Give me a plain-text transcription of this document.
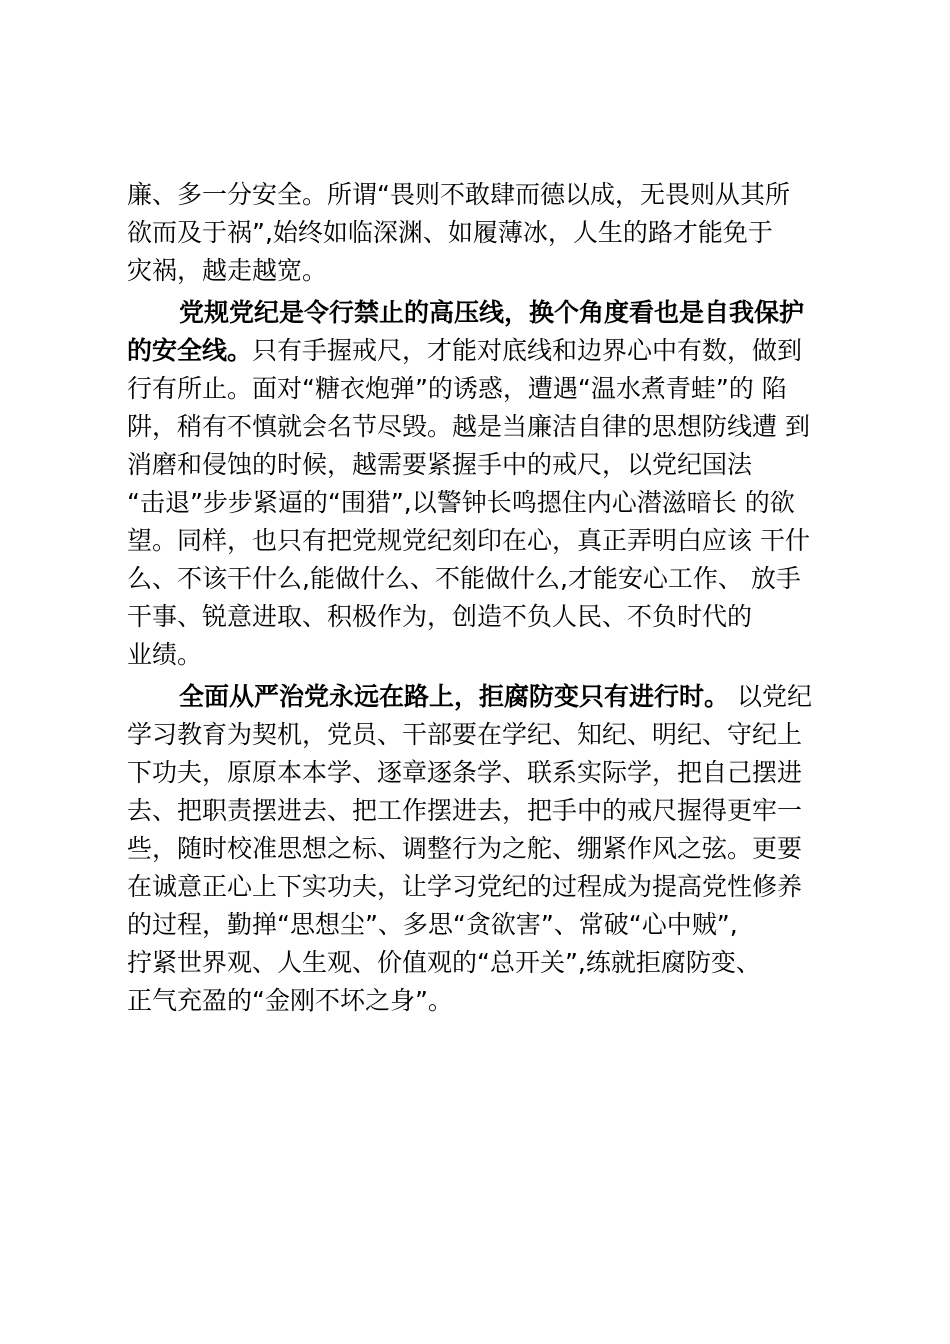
廉、多一分安全。所谓“畏则不敢肆而德以成，无畏则从其所
欲而及于祸”,始终如临深渊、如履薄冰，人生的路才能免于
灾祸，越走越宽。
党规党纪是令行禁止的高压线，换个角度看也是自我保护
的安全线。只有手握戒尺，才能对底线和边界心中有数，做到
行有所止。面对“糖衣炮弹”的诱惑，遭遇“温水煮青蛙”的 陷
阱，稍有不慎就会名节尽毁。越是当廉洁自律的思想防线遭 到
消磨和侵蚀的时候，越需要紧握手中的戒尺，以党纪国法
“击退”步步紧逼的“围猎”,以警钟长鸣摁住内心潜滋暗长 的欲
望。同样，也只有把党规党纪刻印在心，真正弄明白应该 干什
么、不该干什么,能做什么、不能做什么,才能安心工作、 放手
干事、锐意进取、积极作为，创造不负人民、不负时代的
业绩。
全面从严治党永远在路上，拒腐防变只有进行时。 以党纪
学习教育为契机，党员、干部要在学纪、知纪、明纪、守纪上
下功夫，原原本本学、逐章逐条学、联系实际学，把自己摆进
去、把职责摆进去、把工作摆进去，把手中的戒尺握得更牢一
些，随时校准思想之标、调整行为之舵、绷紧作风之弦。更要
在诚意正心上下实功夫，让学习党纪的过程成为提高党性修养
的过程，勤掸“思想尘”、多思“贪欲害”、常破“心中贼”,
拧紧世界观、人生观、价值观的“总开关”,练就拒腐防变、
正气充盈的“金刚不坏之身”。
